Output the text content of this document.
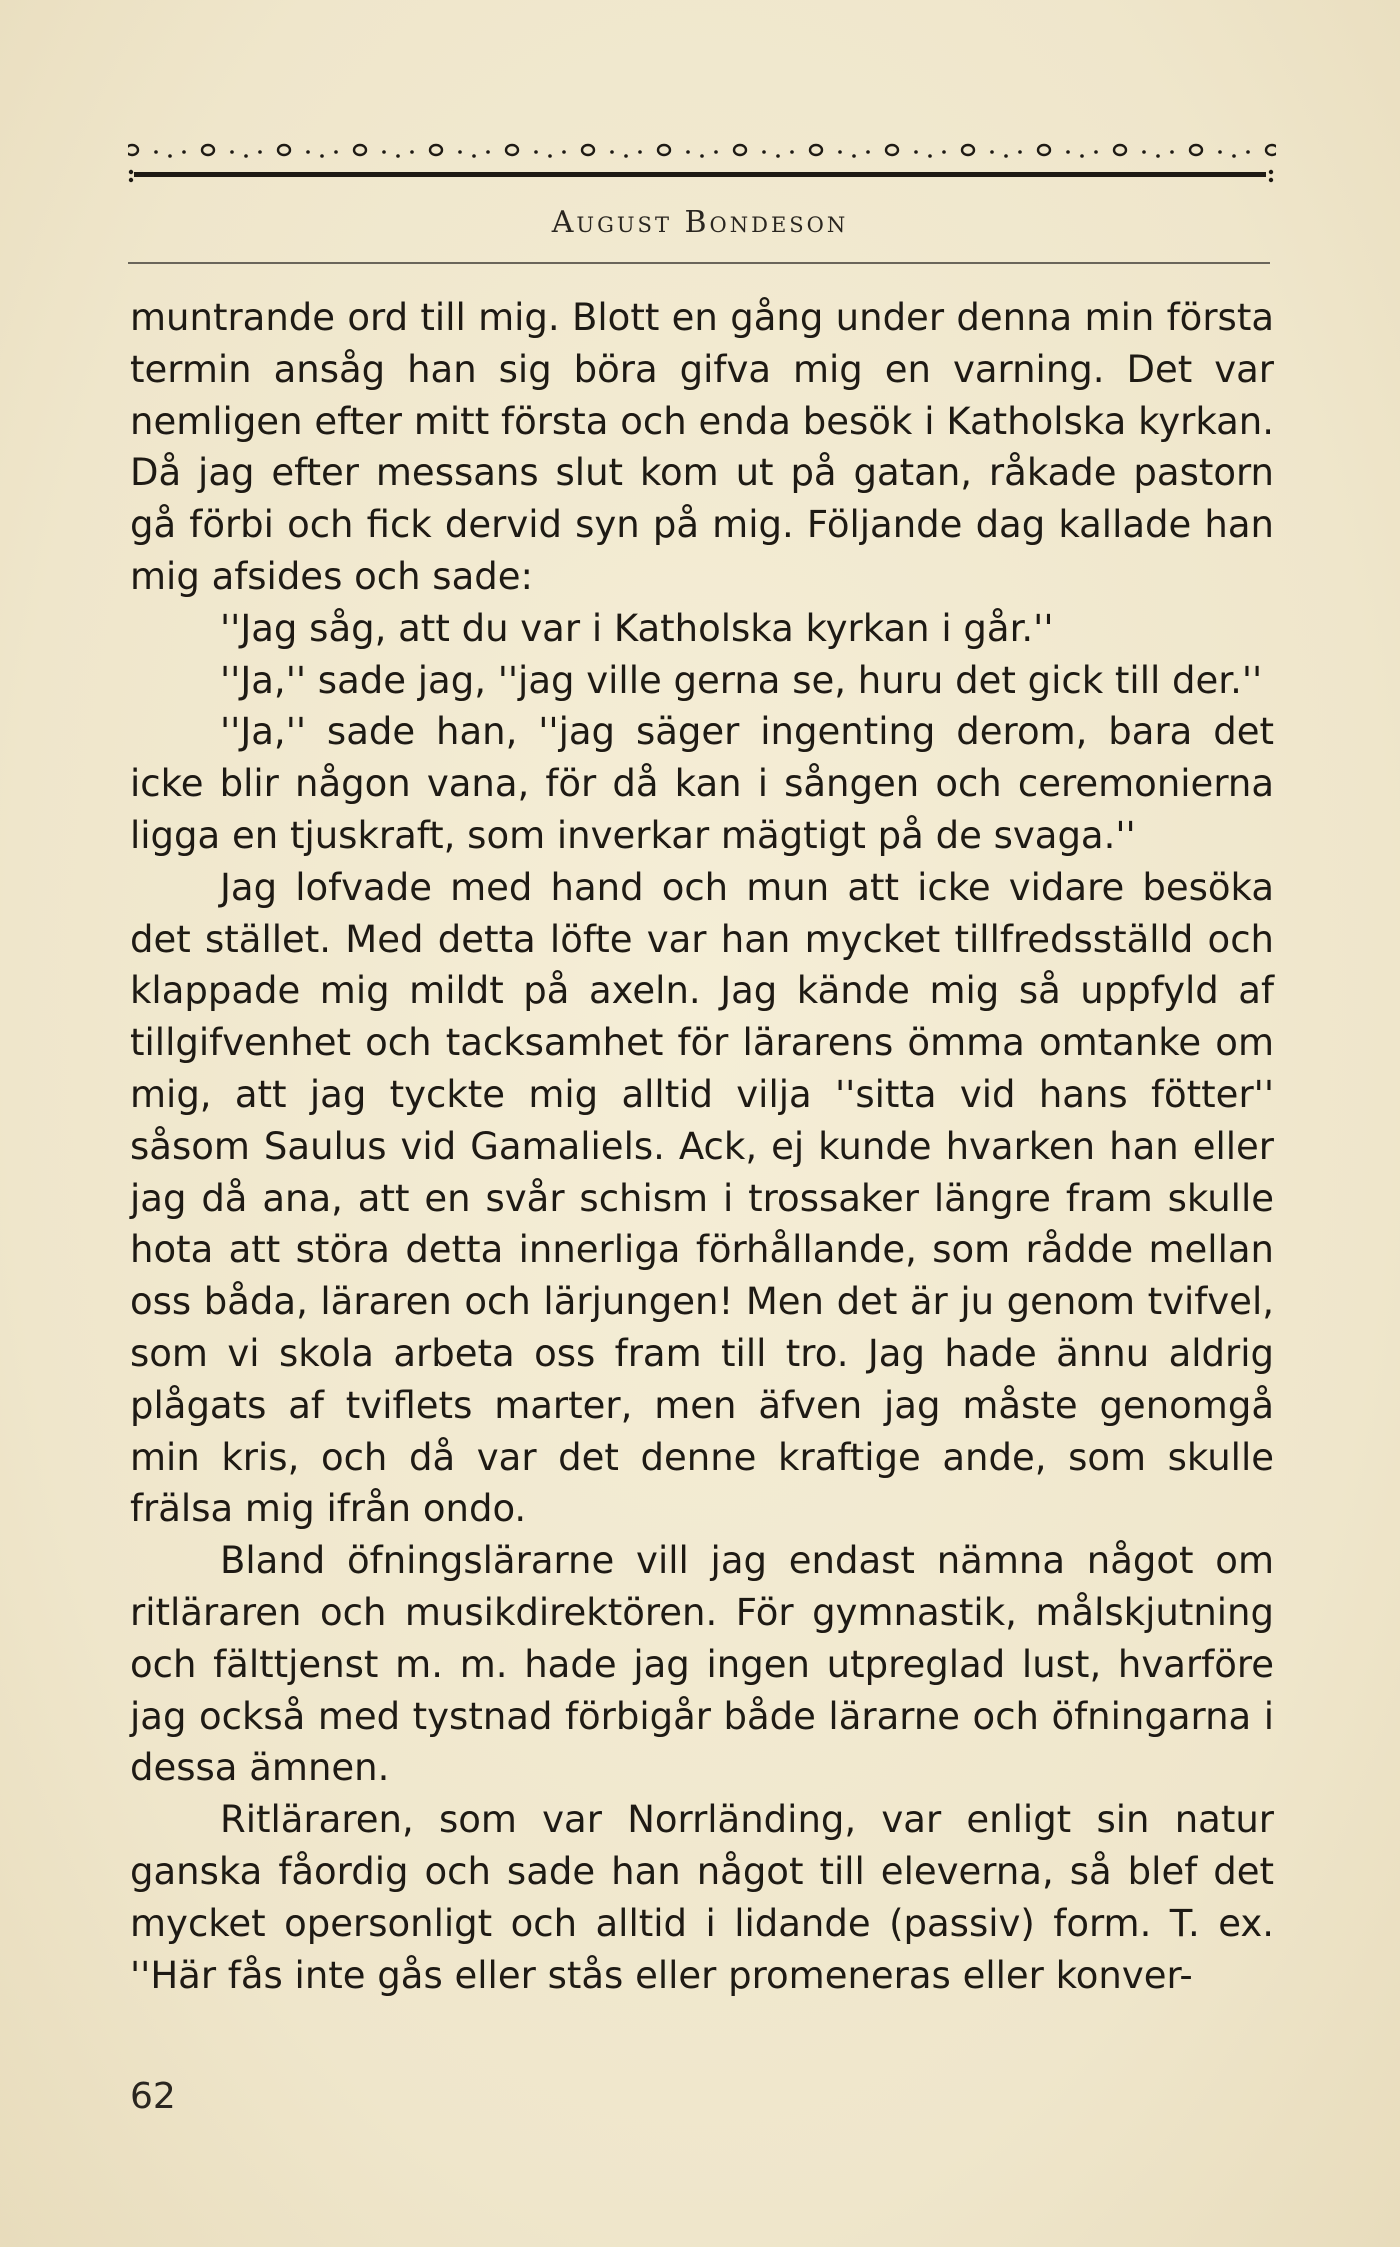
August Bondeson

muntrande ord till mig. Blott en gång under denna min första termin ansåg han sig böra gifva mig en varning. Det var nemligen efter mitt första och enda besök i Katholska kyrkan. Då jag efter messans slut kom ut på gatan, råkade pastorn gå förbi och fick dervid syn på mig. Följande dag kallade han mig afsides och sade:

''Jag såg, att du var i Katholska kyrkan i går.''

''Ja,'' sade jag, ''jag ville gerna se, huru det gick till der.''

''Ja,'' sade han, ''jag säger ingenting derom, bara det icke blir någon vana, för då kan i sången och ceremonierna ligga en tjuskraft, som inverkar mägtigt på de svaga.''

Jag lofvade med hand och mun att icke vidare besöka det stället. Med detta löfte var han mycket tillfredsställd och klappade mig mildt på axeln. Jag kände mig så uppfyld af tillgifvenhet och tacksamhet för lärarens ömma omtanke om mig, att jag tyckte mig alltid vilja ''sitta vid hans fötter'' såsom Saulus vid Gamaliels. Ack, ej kunde hvarken han eller jag då ana, att en svår schism i trossaker längre fram skulle hota att störa detta innerliga förhållande, som rådde mellan oss båda, läraren och lärjungen! Men det är ju genom tvifvel, som vi skola arbeta oss fram till tro. Jag hade ännu aldrig plågats af tviflets marter, men äfven jag måste genomgå min kris, och då var det denne kraftige ande, som skulle frälsa mig ifrån ondo.

Bland öfningslärarne vill jag endast nämna något om ritläraren och musikdirektören. För gymnastik, målskjutning och fälttjenst m. m. hade jag ingen utpreglad lust, hvarföre jag också med tystnad förbigår både lärarne och öfningarna i dessa ämnen.

Ritläraren, som var Norrländing, var enligt sin natur ganska fåordig och sade han något till eleverna, så blef det mycket opersonligt och alltid i lidande (passiv) form. T. ex. ''Här fås inte gås eller stås eller promeneras eller konver-

62
